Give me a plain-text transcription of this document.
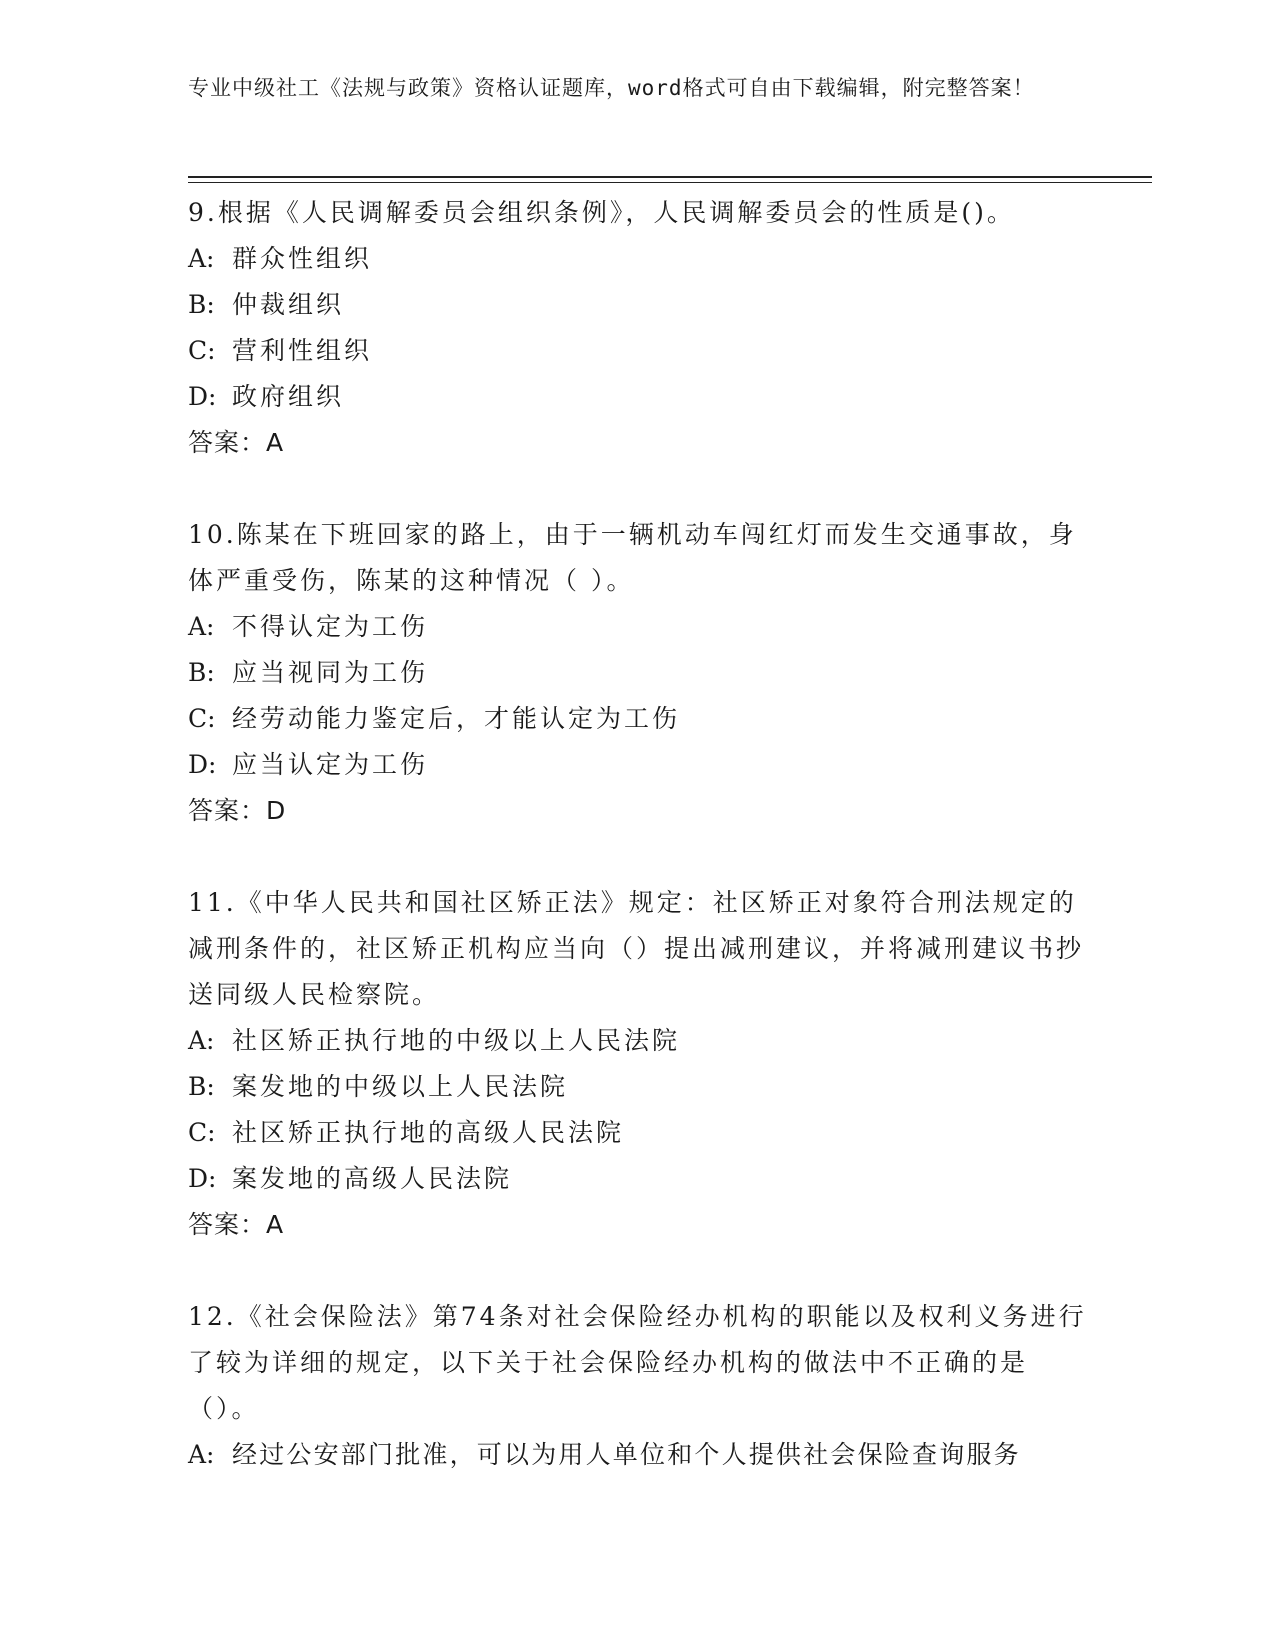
专业中级社工《法规与政策》资格认证题库，word格式可自由下载编辑，附完整答案！
9.根据《人民调解委员会组织条例》，人民调解委员会的性质是()。
A: 群众性组织
B: 仲裁组织
C: 营利性组织
D: 政府组织
答案：A
10.陈某在下班回家的路上，由于一辆机动车闯红灯而发生交通事故，身体严重受伤，陈某的这种情况（ ）。
A: 不得认定为工伤
B: 应当视同为工伤
C: 经劳动能力鉴定后，才能认定为工伤
D: 应当认定为工伤
答案：D
11.《中华人民共和国社区矫正法》规定：社区矫正对象符合刑法规定的减刑条件的，社区矫正机构应当向（）提出减刑建议，并将减刑建议书抄送同级人民检察院。
A: 社区矫正执行地的中级以上人民法院
B: 案发地的中级以上人民法院
C: 社区矫正执行地的高级人民法院
D: 案发地的高级人民法院
答案：A
12.《社会保险法》第74条对社会保险经办机构的职能以及权利义务进行了较为详细的规定，以下关于社会保险经办机构的做法中不正确的是（）。
A: 经过公安部门批准，可以为用人单位和个人提供社会保险查询服务
